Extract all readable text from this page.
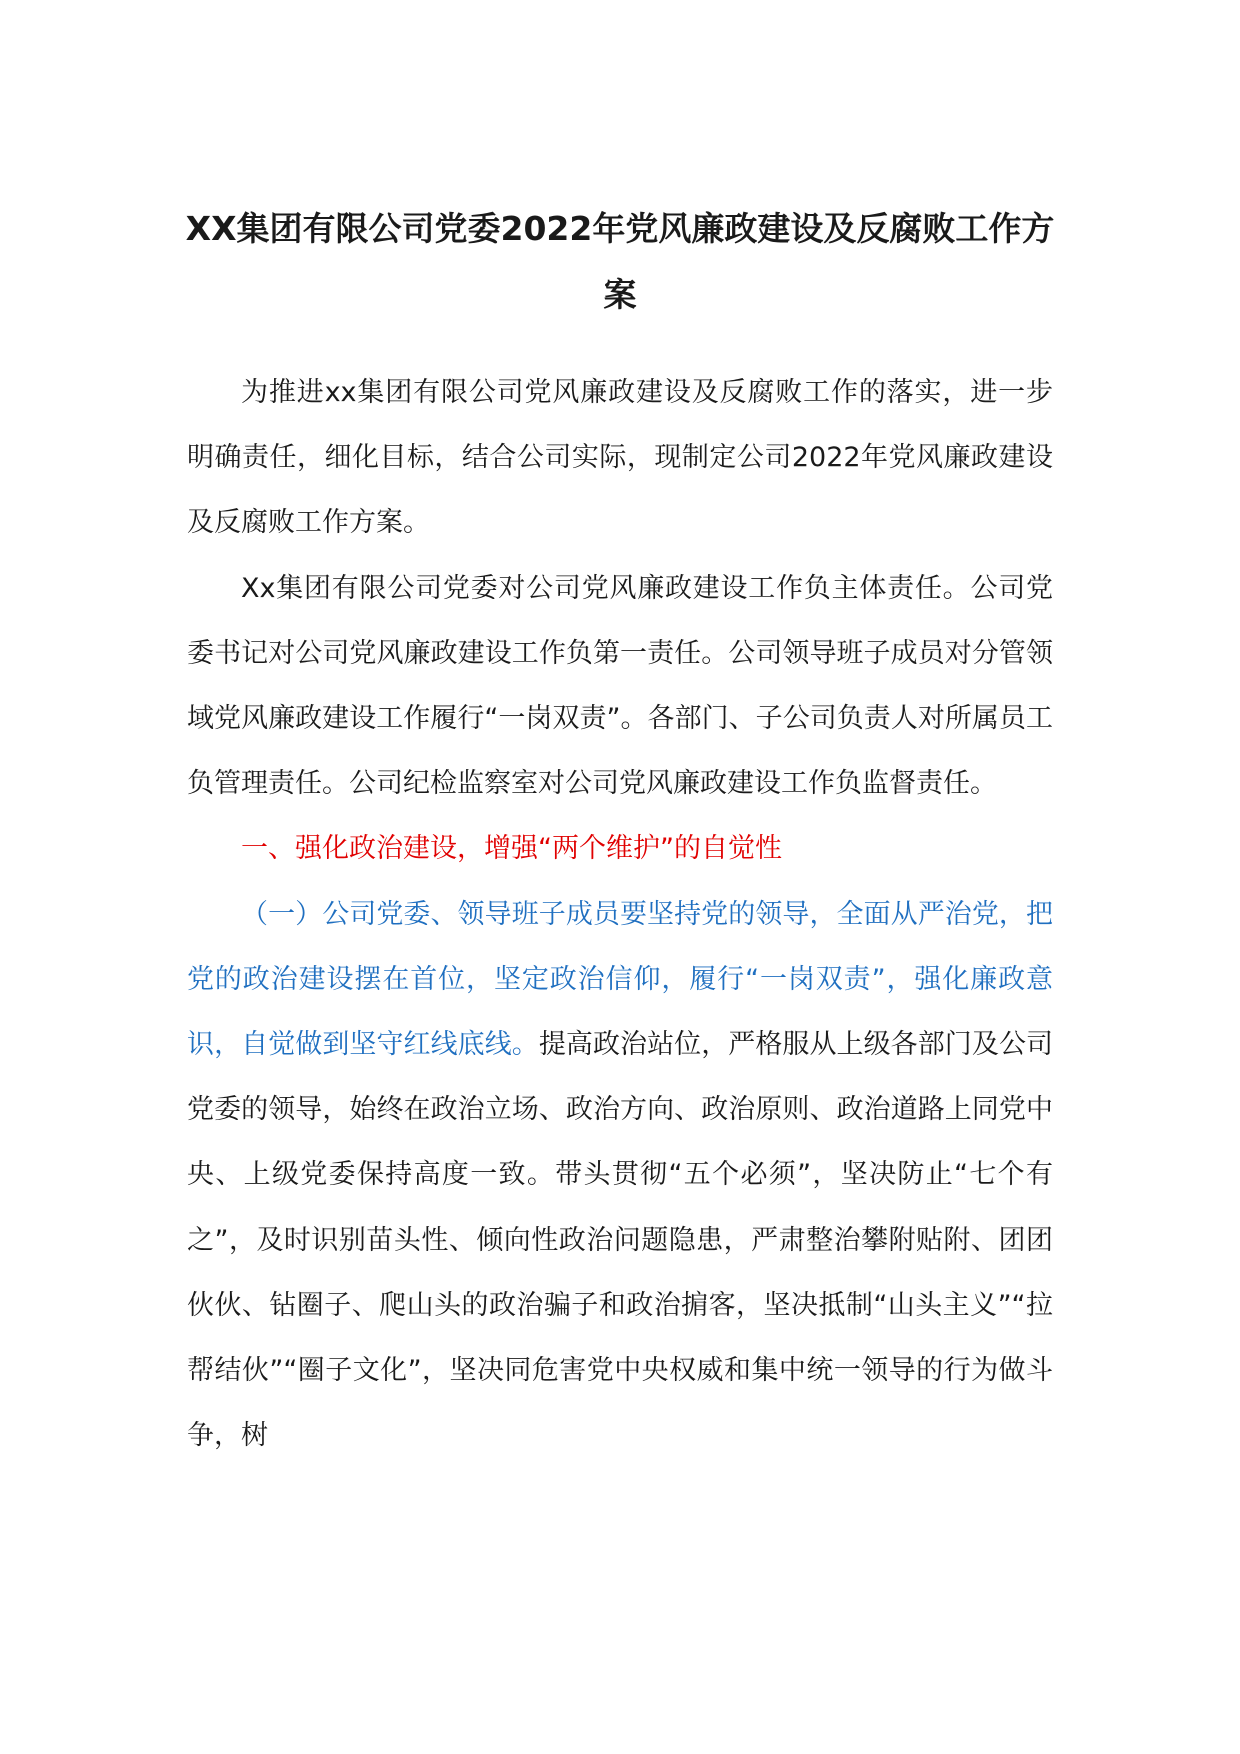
XX集团有限公司党委2022年党风廉政建设及反腐败工作方案

为推进xx集团有限公司党风廉政建设及反腐败工作的落实，进一步明确责任，细化目标，结合公司实际，现制定公司2022年党风廉政建设及反腐败工作方案。

Xx集团有限公司党委对公司党风廉政建设工作负主体责任。公司党委书记对公司党风廉政建设工作负第一责任。公司领导班子成员对分管领域党风廉政建设工作履行“一岗双责”。各部门、子公司负责人对所属员工负管理责任。公司纪检监察室对公司党风廉政建设工作负监督责任。

一、强化政治建设，增强“两个维护”的自觉性

（一）公司党委、领导班子成员要坚持党的领导，全面从严治党，把党的政治建设摆在首位，坚定政治信仰，履行“一岗双责”，强化廉政意识，自觉做到坚守红线底线。提高政治站位，严格服从上级各部门及公司党委的领导，始终在政治立场、政治方向、政治原则、政治道路上同党中央、上级党委保持高度一致。带头贯彻“五个必须”，坚决防止“七个有之”，及时识别苗头性、倾向性政治问题隐患，严肃整治攀附贴附、团团伙伙、钻圈子、爬山头的政治骗子和政治掮客，坚决抵制“山头主义”“拉帮结伙”“圈子文化”，坚决同危害党中央权威和集中统一领导的行为做斗争，树
